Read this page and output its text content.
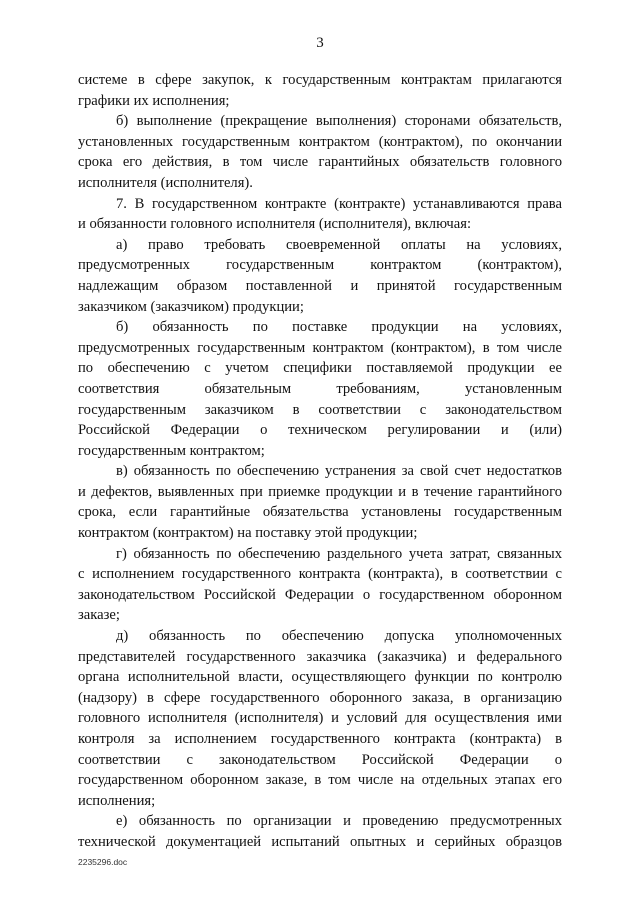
3
системе в сфере закупок, к государственным контрактам прилагаются
графики их исполнения;
б) выполнение (прекращение выполнения) сторонами обязательств,
установленных государственным контрактом (контрактом), по окончании
срока его действия, в том числе гарантийных обязательств головного
исполнителя (исполнителя).
7. В государственном контракте (контракте) устанавливаются права
и обязанности головного исполнителя (исполнителя), включая:
а) право требовать своевременной оплаты на условиях,
предусмотренных государственным контрактом (контрактом),
надлежащим образом поставленной и принятой государственным
заказчиком (заказчиком) продукции;
б) обязанность по поставке продукции на условиях,
предусмотренных государственным контрактом (контрактом), в том числе
по обеспечению с учетом специфики поставляемой продукции ее
соответствия обязательным требованиям, установленным
государственным заказчиком в соответствии с законодательством
Российской Федерации о техническом регулировании и (или)
государственным контрактом;
в) обязанность по обеспечению устранения за свой счет недостатков
и дефектов, выявленных при приемке продукции и в течение гарантийного
срока, если гарантийные обязательства установлены государственным
контрактом (контрактом) на поставку этой продукции;
г) обязанность по обеспечению раздельного учета затрат, связанных
с исполнением государственного контракта (контракта), в соответствии с
законодательством Российской Федерации о государственном оборонном
заказе;
д) обязанность по обеспечению допуска уполномоченных
представителей государственного заказчика (заказчика) и федерального
органа исполнительной власти, осуществляющего функции по контролю
(надзору) в сфере государственного оборонного заказа, в организацию
головного исполнителя (исполнителя) и условий для осуществления ими
контроля за исполнением государственного контракта (контракта) в
соответствии с законодательством Российской Федерации о
государственном оборонном заказе, в том числе на отдельных этапах его
исполнения;
е) обязанность по организации и проведению предусмотренных
технической документацией испытаний опытных и серийных образцов
2235296.doc
